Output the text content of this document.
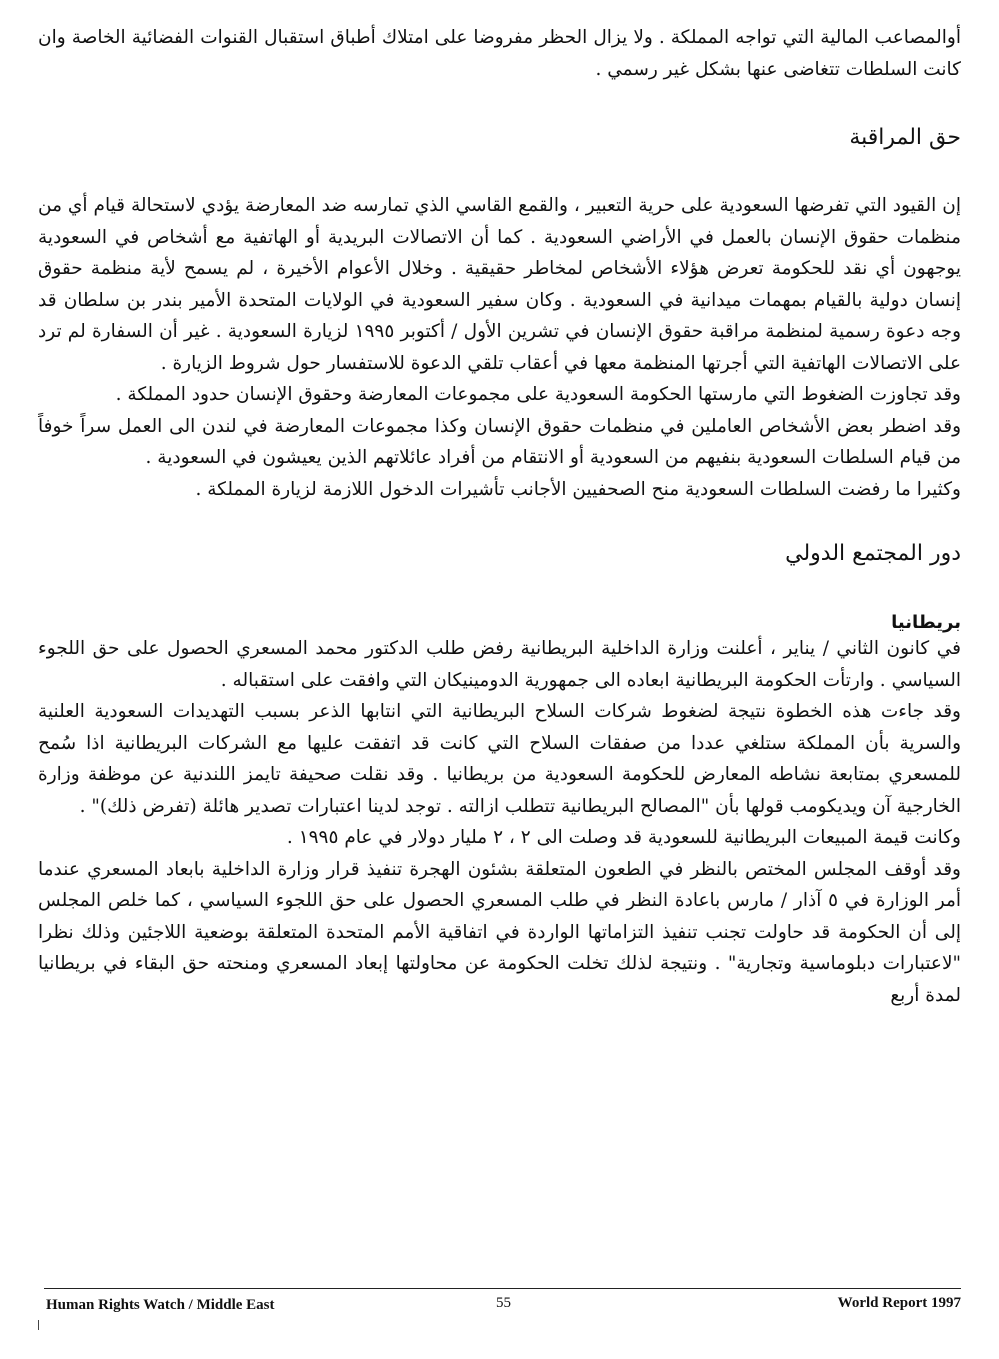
أوالمصاعب المالية التي تواجه المملكة . ولا يزال الحظر مفروضا على امتلاك أطباق استقبال القنوات الفضائية الخاصة وان كانت السلطات تتغاضى عنها بشكل غير رسمي .

حق المراقبة

إن القيود التي تفرضها السعودية على حرية التعبير ، والقمع القاسي الذي تمارسه ضد المعارضة يؤدي لاستحالة قيام أي من منظمات حقوق الإنسان بالعمل في الأراضي السعودية . كما أن الاتصالات البريدية أو الهاتفية مع أشخاص في السعودية يوجهون أي نقد للحكومة تعرض هؤلاء الأشخاص لمخاطر حقيقية . وخلال الأعوام الأخيرة ، لم يسمح لأية منظمة حقوق إنسان دولية بالقيام بمهمات ميدانية في السعودية . وكان سفير السعودية في الولايات المتحدة الأمير بندر بن سلطان قد وجه دعوة رسمية لمنظمة مراقبة حقوق الإنسان في تشرين الأول / أكتوبر ١٩٩٥ لزيارة السعودية . غير أن السفارة لم ترد على الاتصالات الهاتفية التي أجرتها المنظمة معها في أعقاب تلقي الدعوة للاستفسار حول شروط الزيارة .

وقد تجاوزت الضغوط التي مارستها الحكومة السعودية على مجموعات المعارضة وحقوق الإنسان حدود المملكة .

وقد اضطر بعض الأشخاص العاملين في منظمات حقوق الإنسان وكذا مجموعات المعارضة في لندن الى العمل سراً خوفاً من قيام السلطات السعودية بنفيهم من السعودية أو الانتقام من أفراد عائلاتهم الذين يعيشون في السعودية .

وكثيرا ما رفضت السلطات السعودية منح الصحفيين الأجانب تأشيرات الدخول اللازمة لزيارة المملكة .

دور المجتمع الدولي
بريطانيا

في كانون الثاني / يناير ، أعلنت وزارة الداخلية البريطانية رفض طلب الدكتور محمد المسعري الحصول على حق اللجوء السياسي . وارتأت الحكومة البريطانية ابعاده الى جمهورية الدومينيكان التي وافقت على استقباله .

وقد جاءت هذه الخطوة نتيجة لضغوط شركات السلاح البريطانية التي انتابها الذعر بسبب التهديدات السعودية العلنية والسرية بأن المملكة ستلغي عددا من صفقات السلاح التي كانت قد اتفقت عليها مع الشركات البريطانية اذا سُمح للمسعري بمتابعة نشاطه المعارض للحكومة السعودية من بريطانيا . وقد نقلت صحيفة تايمز اللندنية عن موظفة وزارة الخارجية آن ويديكومب قولها بأن "المصالح البريطانية تتطلب ازالته . توجد لدينا اعتبارات تصدير هائلة (تفرض ذلك)" .

وكانت قيمة المبيعات البريطانية للسعودية قد وصلت الى ٢ ، ٢ مليار دولار في عام ١٩٩٥ .

وقد أوقف المجلس المختص بالنظر في الطعون المتعلقة بشئون الهجرة تنفيذ قرار وزارة الداخلية بابعاد المسعري عندما أمر الوزارة في ٥ آذار / مارس باعادة النظر في طلب المسعري الحصول على حق اللجوء السياسي ، كما خلص المجلس إلى أن الحكومة قد حاولت تجنب تنفيذ التزاماتها الواردة في اتفاقية الأمم المتحدة المتعلقة بوضعية اللاجئين وذلك نظرا "لاعتبارات دبلوماسية وتجارية" . ونتيجة لذلك تخلت الحكومة عن محاولتها إبعاد المسعري ومنحته حق البقاء في بريطانيا لمدة أربع

Human Rights Watch / Middle East	55	World Report 1997
